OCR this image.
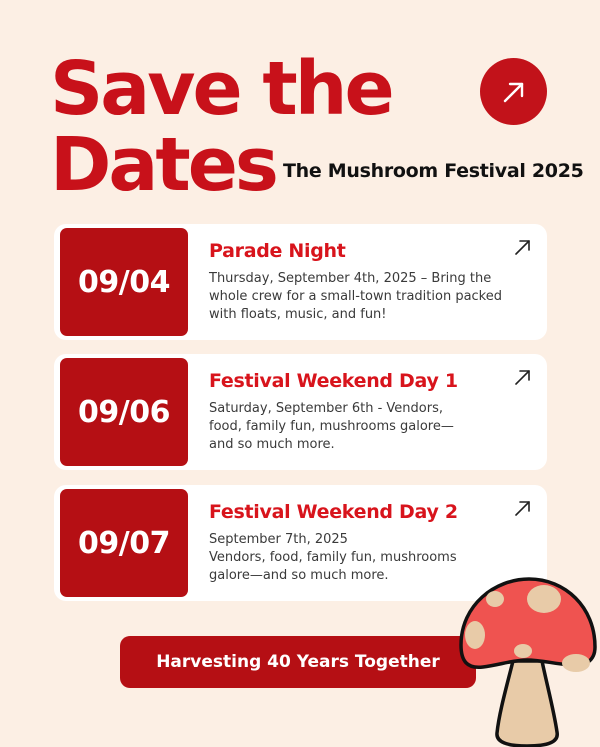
Save the
Dates The Mushroom Festival 2025
09/04
Parade Night
Thursday, September 4th, 2025 – Bring the
whole crew for a small-town tradition packed
with floats, music, and fun!
09/06
Festival Weekend Day 1
Saturday, September 6th - Vendors,
food, family fun, mushrooms galore—
and so much more.
09/07
Festival Weekend Day 2
September 7th, 2025
Vendors, food, family fun, mushrooms
galore—and so much more.
Harvesting 40 Years Together
